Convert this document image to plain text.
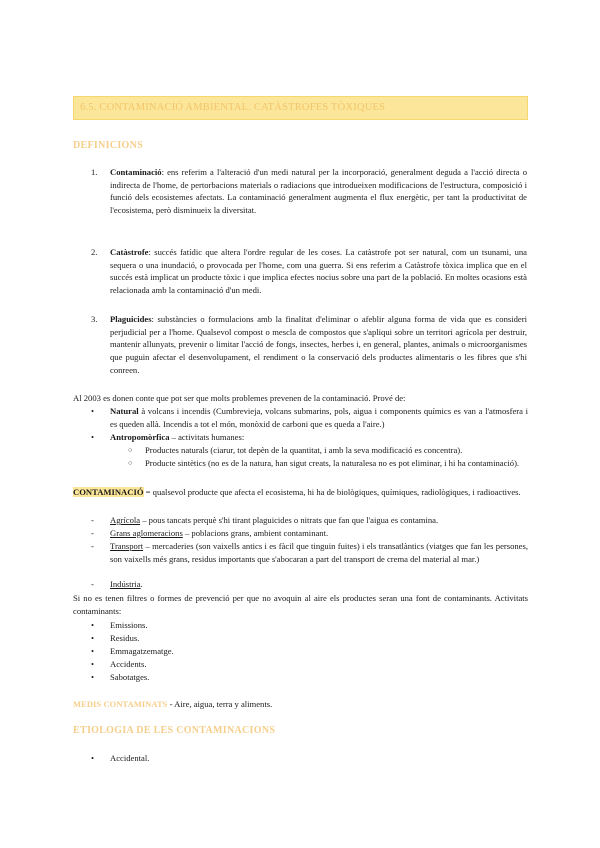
6.5. CONTAMINACIÓ AMBIENTAL. CATÀSTROFES TÒXIQUES
DEFINICIONS
1. Contaminació: ens referim a l'alteració d'un medi natural per la incorporació, generalment deguda a l'acció directa o indirecta de l'home, de pertorbacions materials o radiacions que introdueixen modificacions de l'estructura, composició i funció dels ecosistemes afectats. La contaminació generalment augmenta el flux energètic, per tant la productivitat de l'ecosistema, però disminueix la diversitat.
2. Catàstrofe: succés fatídic que altera l'ordre regular de les coses. La catàstrofe pot ser natural, com un tsunami, una sequera o una inundació, o provocada per l'home, com una guerra. Si ens referim a Catàstrofe tòxica implica que en el succés està implicat un producte tòxic i que implica efectes nocius sobre una part de la població. En moltes ocasions està relacionada amb la contaminació d'un medi.
3. Plaguicides: substàncies o formulacions amb la finalitat d'eliminar o afeblir alguna forma de vida que es consideri perjudicial per a l'home. Qualsevol compost o mescla de compostos que s'apliqui sobre un territori agrícola per destruir, mantenir allunyats, prevenir o limitar l'acció de fongs, insectes, herbes i, en general, plantes, animals o microorganismes que puguin afectar el desenvolupament, el rendiment o la conservació dels productes alimentaris o les fibres que s'hi conreen.
Al 2003 es donen conte que pot ser que molts problemes prevenen de la contaminació. Prové de:
• Natural à volcans i incendis (Cumbrevieja, volcans submarins, pols, aigua i components químics es van a l'atmosfera i es queden allà. Incendis a tot el món, monòxid de carboni que es queda a l'aire.)
• Antropomòrfica – activitats humanes:
○ Productes naturals (ciarur, tot depèn de la quantitat, i amb la seva modificació es concentra).
○ Producte sintètics (no es de la natura, han sigut creats, la naturalesa no es pot eliminar, i hi ha contaminació).
CONTAMINACIÓ = qualsevol producte que afecta el ecosistema, hi ha de biològiques, químiques, radiològiques, i radioactives.
- Agrícola – pous tancats perquè s'hi tirant plaguicides o nitrats que fan que l'aigua es contamina.
- Grans aglomeracions – poblacions grans, ambient contaminant.
- Transport – mercaderies (son vaixells antics i es fàcil que tinguin fuites) i els transatlàntics (viatges que fan les persones, son vaixells més grans, residus importants que s'abocaran a part del transport de crema del material al mar.)
- Indústria.
Si no es tenen filtres o formes de prevenció per que no avoquin al aire els productes seran una font de contaminants. Activitats contaminants:
• Emissions.
• Residus.
• Emmagatzematge.
• Accidents.
• Sabotatges.
MEDIS CONTAMINATS - Aire, aigua, terra y aliments.
ETIOLOGIA DE LES CONTAMINACIONS
• Accidental.
